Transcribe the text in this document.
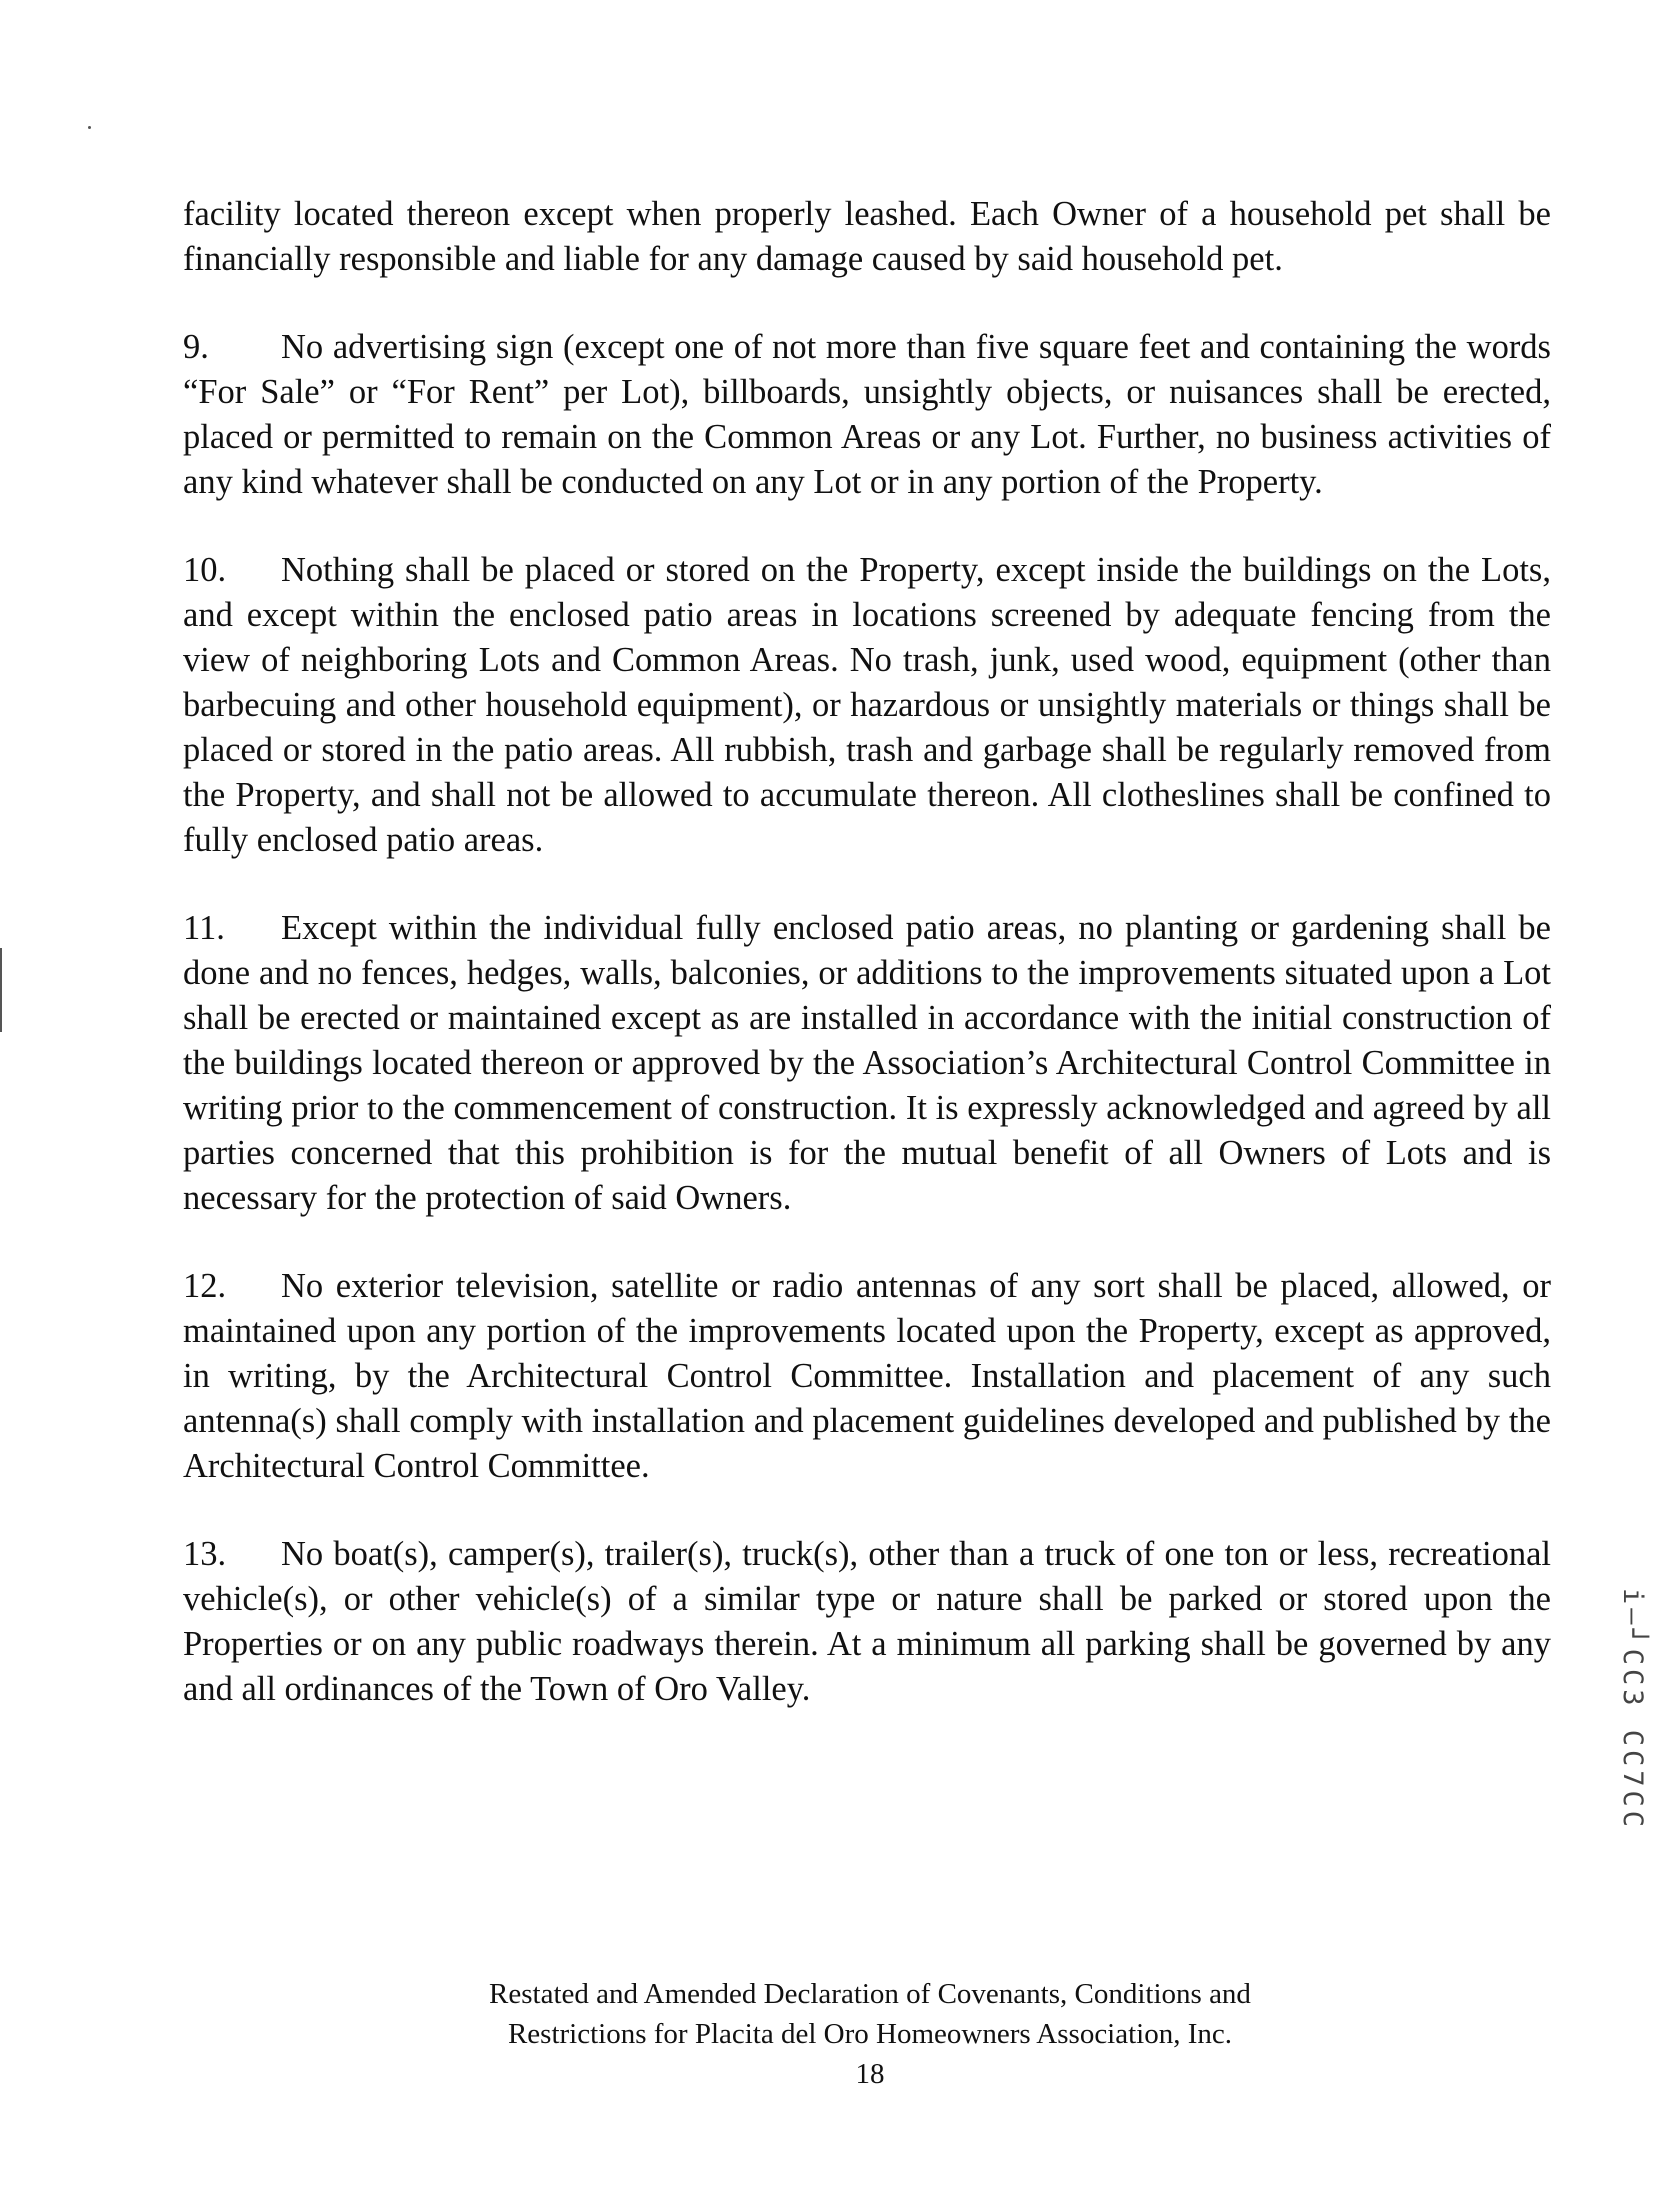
facility located thereon except when properly leashed. Each Owner of a household pet shall be financially responsible and liable for any damage caused by said household pet.

9. No advertising sign (except one of not more than five square feet and containing the words “For Sale” or “For Rent” per Lot), billboards, unsightly objects, or nuisances shall be erected, placed or permitted to remain on the Common Areas or any Lot. Further, no business activities of any kind whatever shall be conducted on any Lot or in any portion of the Property.

10. Nothing shall be placed or stored on the Property, except inside the buildings on the Lots, and except within the enclosed patio areas in locations screened by adequate fencing from the view of neighboring Lots and Common Areas. No trash, junk, used wood, equipment (other than barbecuing and other household equipment), or hazardous or unsightly materials or things shall be placed or stored in the patio areas. All rubbish, trash and garbage shall be regularly removed from the Property, and shall not be allowed to accumulate thereon. All clotheslines shall be confined to fully enclosed patio areas.

11. Except within the individual fully enclosed patio areas, no planting or gardening shall be done and no fences, hedges, walls, balconies, or additions to the improvements situated upon a Lot shall be erected or maintained except as are installed in accordance with the initial construction of the buildings located thereon or approved by the Association’s Architectural Control Committee in writing prior to the commencement of construction. It is expressly acknowledged and agreed by all parties concerned that this prohibition is for the mutual benefit of all Owners of Lots and is necessary for the protection of said Owners.

12. No exterior television, satellite or radio antennas of any sort shall be placed, allowed, or maintained upon any portion of the improvements located upon the Property, except as approved, in writing, by the Architectural Control Committee. Installation and placement of any such antenna(s) shall comply with installation and placement guidelines developed and published by the Architectural Control Committee.

13. No boat(s), camper(s), trailer(s), truck(s), other than a truck of one ton or less, recreational vehicle(s), or other vehicle(s) of a similar type or nature shall be parked or stored upon the Properties or on any public roadways therein. At a minimum all parking shall be governed by any and all ordinances of the Town of Oro Valley.	i—┘СС3 СС7СС
Restated and Amended Declaration of Covenants, Conditions and
Restrictions for Placita del Oro Homeowners Association, Inc.
18
